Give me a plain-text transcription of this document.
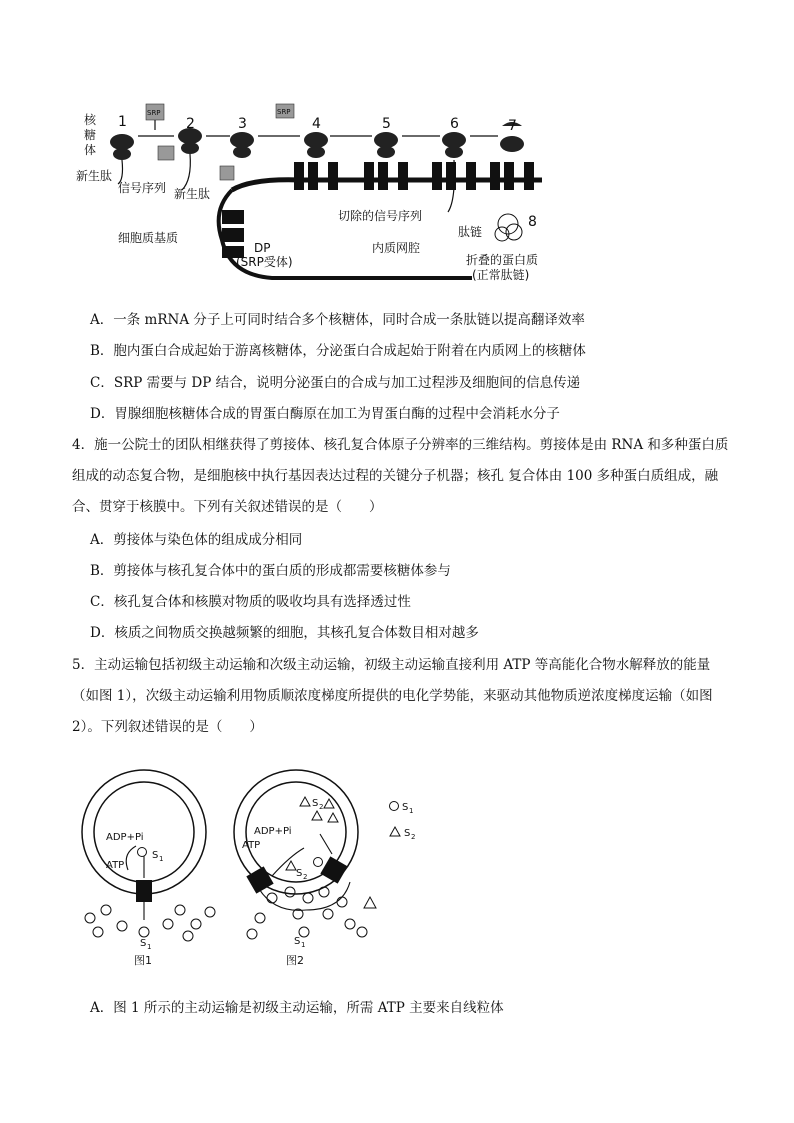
SRP	SRP
1	2	3	4	5	6	7
8
核
糖
体
新生肽
信号序列 新生肽
细胞质基质
DP
(SRP受体)
内质网腔
切除的信号序列
肽链
折叠的蛋白质
(正常肽链)
A．一条 mRNA 分子上可同时结合多个核糖体，同时合成一条肽链以提高翻译效率
B．胞内蛋白合成起始于游离核糖体，分泌蛋白合成起始于附着在内质网上的核糖体
C．SRP 需要与 DP 结合，说明分泌蛋白的合成与加工过程涉及细胞间的信息传递
D．胃腺细胞核糖体合成的胃蛋白酶原在加工为胃蛋白酶的过程中会消耗水分子
4．施一公院士的团队相继获得了剪接体、核孔复合体原子分辨率的三维结构。剪接体是由 RNA 和多种蛋白质组成的动态复合物，是细胞核中执行基因表达过程的关键分子机器；核孔 复合体由 100 多种蛋白质组成，融合、贯穿于核膜中。下列有关叙述错误的是（　　）
A．剪接体与染色体的组成成分相同
B．剪接体与核孔复合体中的蛋白质的形成都需要核糖体参与
C．核孔复合体和核膜对物质的吸收均具有选择透过性
D．核质之间物质交换越频繁的细胞，其核孔复合体数目相对越多
5．主动运输包括初级主动运输和次级主动运输，初级主动运输直接利用 ATP 等高能化合物水解释放的能量（如图 1），次级主动运输利用物质顺浓度梯度所提供的电化学势能，来驱动其他物质逆浓度梯度运输（如图 2）。下列叙述错误的是（　　）
ADP+Pi
ATP
S 1
S 1
ADP+Pi
ATP
S 2
S 2
S 1
S 1
S 2
图1	图2
A．图 1 所示的主动运输是初级主动运输，所需 ATP 主要来自线粒体
